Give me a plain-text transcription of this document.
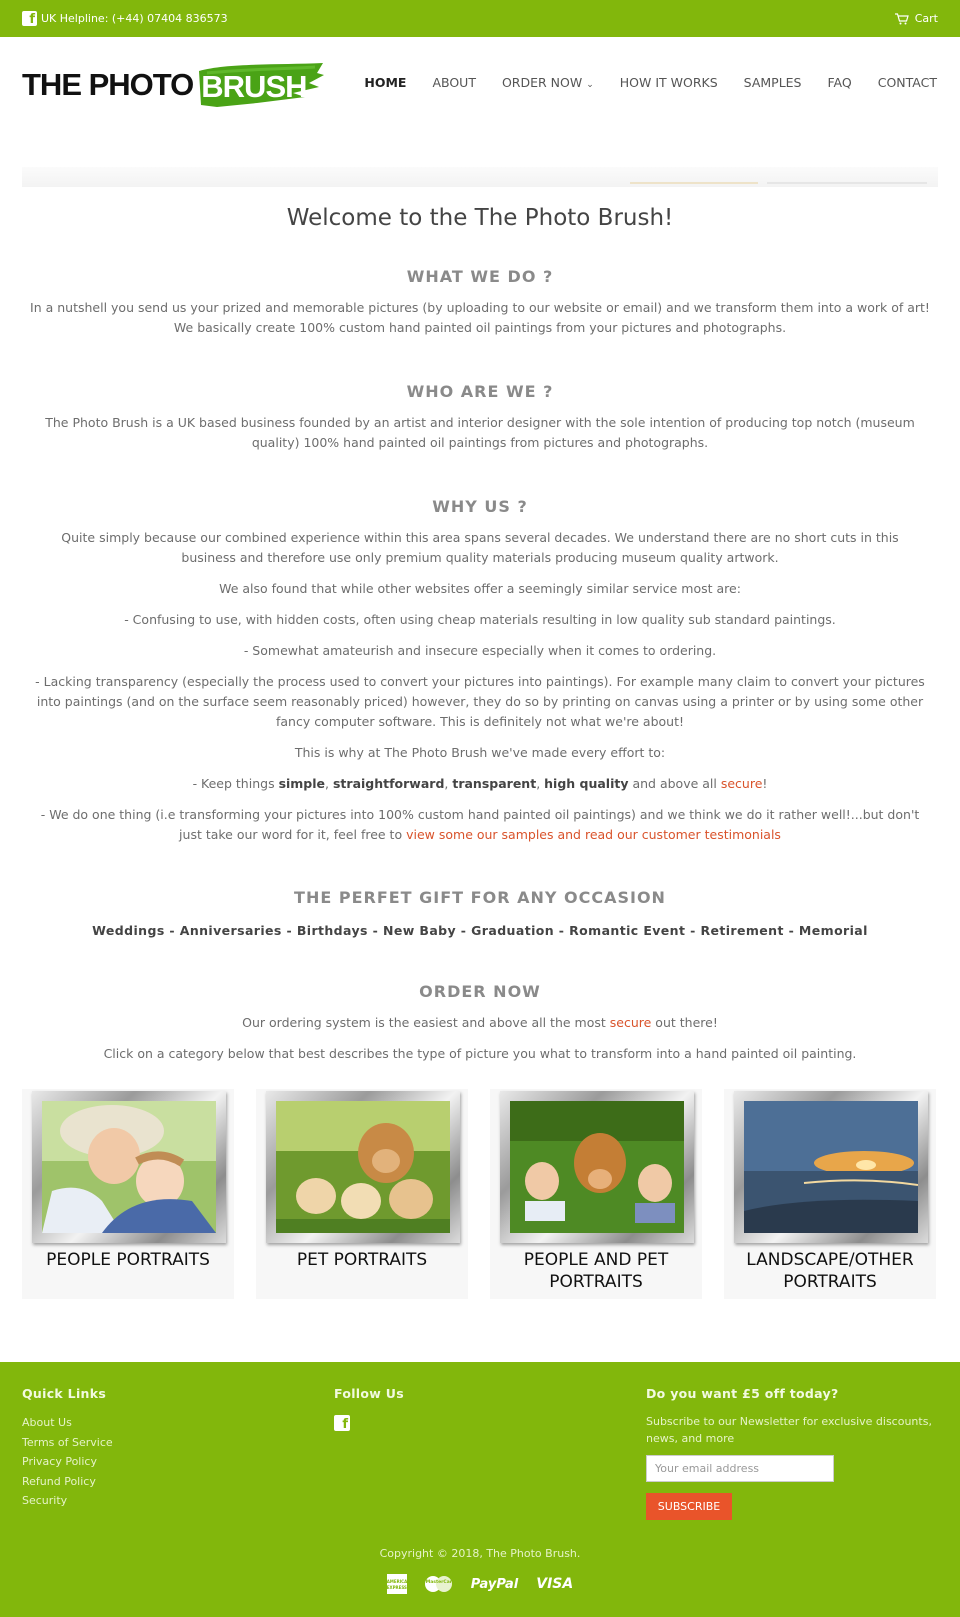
f UK Helpline: (+44) 07404 836573	Cart
THE PHOTO BRUSH	HOME ABOUT ORDER NOW ⌄ HOW IT WORKS SAMPLES FAQ CONTACT
Welcome to the The Photo Brush!
WHAT WE DO ?

In a nutshell you send us your prized and memorable pictures (by uploading to our website or email) and we transform them into a work of art! We basically create 100% custom hand painted oil paintings from your pictures and photographs.

WHO ARE WE ?

The Photo Brush is a UK based business founded by an artist and interior designer with the sole intention of producing top notch (museum quality) 100% hand painted oil paintings from pictures and photographs.

WHY US ?

Quite simply because our combined experience within this area spans several decades. We understand there are no short cuts in this business and therefore use only premium quality materials producing museum quality artwork.

We also found that while other websites offer a seemingly similar service most are:

- Confusing to use, with hidden costs, often using cheap materials resulting in low quality sub standard paintings.

- Somewhat amateurish and insecure especially when it comes to ordering.

- Lacking transparency (especially the process used to convert your pictures into paintings). For example many claim to convert your pictures into paintings (and on the surface seem reasonably priced) however, they do so by printing on canvas using a printer or by using some other fancy computer software. This is definitely not what we're about!

This is why at The Photo Brush we've made every effort to:

- Keep things simple, straightforward, transparent, high quality and above all secure!

- We do one thing (i.e transforming your pictures into 100% custom hand painted oil paintings) and we think we do it rather well!...but don't just take our word for it, feel free to view some our samples and read our customer testimonials

THE PERFET GIFT FOR ANY OCCASION

Weddings - Anniversaries - Birthdays - New Baby - Graduation - Romantic Event - Retirement - Memorial

ORDER NOW

Our ordering system is the easiest and above all the most secure out there!

Click on a category below that best describes the type of picture you what to transform into a hand painted oil painting.

PEOPLE PORTRAITS	PET PORTRAITS	PEOPLE AND PET
PORTRAITS
LANDSCAPE/OTHER
PORTRAITS
Quick Links
About Us
Terms of Service
Privacy Policy
Refund Policy
Security
Follow Us
f
Do you want £5 off today?

Subscribe to our Newsletter for exclusive discounts, news, and more

Your email address
SUBSCRIBE
Copyright © 2018, The Photo Brush.
AMERICAN EXPRESS
MasterCard PayPal VISA
